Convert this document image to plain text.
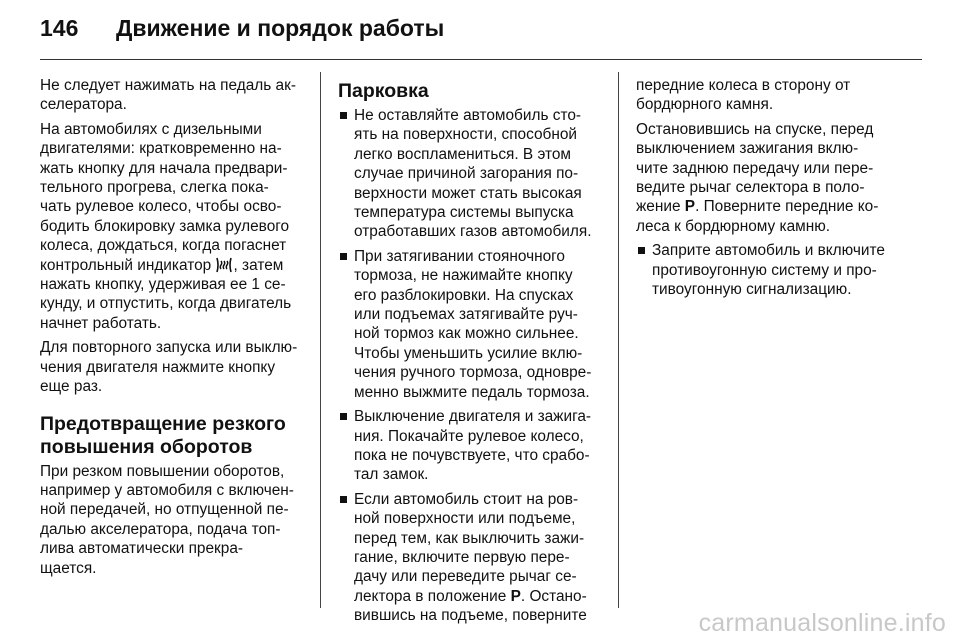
146 Движение и порядок работы

Не следует нажимать на педаль ак-
селератора.

На автомобилях с дизельными
двигателями: кратковременно на-
жать кнопку для начала предвари-
тельного прогрева, слегка пока-
чать рулевое колесо, чтобы осво-
бодить блокировку замка рулевого
колеса, дождаться, когда погаснет
контрольный индикатор , затем
нажать кнопку, удерживая ее 1 се-
кунду, и отпустить, когда двигатель
начнет работать.

Для повторного запуска или выклю-
чения двигателя нажмите кнопку
еще раз.

Предотвращение резкого
повышения оборотов

При резком повышении оборотов,
например у автомобиля с включен-
ной передачей, но отпущенной пе-
далью акселератора, подача топ-
лива автоматически прекра-
щается.

Парковка
Не оставляйте автомобиль сто-
ять на поверхности, способной
легко воспламениться. В этом
случае причиной загорания по-
верхности может стать высокая
температура системы выпуска
отработавших газов автомобиля.
При затягивании стояночного
тормоза, не нажимайте кнопку
его разблокировки. На спусках
или подъемах затягивайте руч-
ной тормоз как можно сильнее.
Чтобы уменьшить усилие вклю-
чения ручного тормоза, одновре-
менно выжмите педаль тормоза.
Выключение двигателя и зажига-
ния. Покачайте рулевое колесо,
пока не почувствуете, что срабо-
тал замок.
Если автомобиль стоит на ров-
ной поверхности или подъеме,
перед тем, как выключить зажи-
гание, включите первую пере-
дачу или переведите рычаг се-
лектора в положение P. Остано-
вившись на подъеме, поверните

передние колеса в сторону от
бордюрного камня.

Остановившись на спуске, перед
выключением зажигания вклю-
чите заднюю передачу или пере-
ведите рычаг селектора в поло-
жение P. Поверните передние ко-
леса к бордюрному камню.

Заприте автомобиль и включите
противоугонную систему и про-
тивоугонную сигнализацию.
carmanualsonline.info
